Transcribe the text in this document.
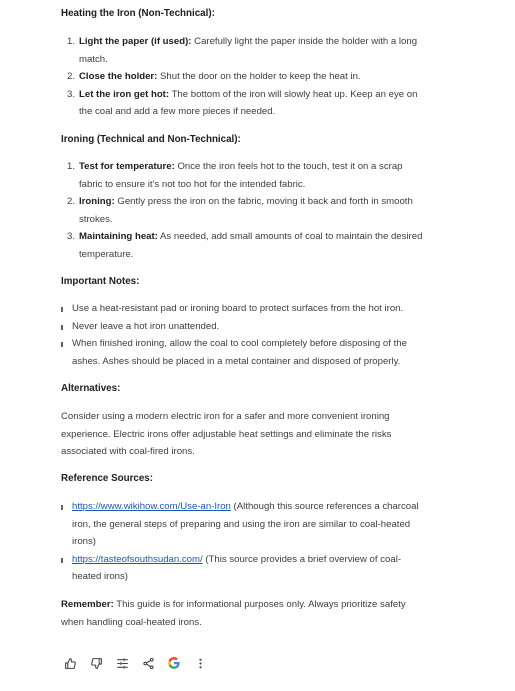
Heating the Iron (Non-Technical):

1. Light the paper (if used): Carefully light the paper inside the holder with a long
match.
2. Close the holder: Shut the door on the holder to keep the heat in.
3. Let the iron get hot: The bottom of the iron will slowly heat up. Keep an eye on
the coal and add a few more pieces if needed.

Ironing (Technical and Non-Technical):

1. Test for temperature: Once the iron feels hot to the touch, test it on a scrap
fabric to ensure it's not too hot for the intended fabric.
2. Ironing: Gently press the iron on the fabric, moving it back and forth in smooth
strokes.
3. Maintaining heat: As needed, add small amounts of coal to maintain the desired
temperature.

Important Notes:

Use a heat-resistant pad or ironing board to protect surfaces from the hot iron.
Never leave a hot iron unattended.
When finished ironing, allow the coal to cool completely before disposing of the
ashes. Ashes should be placed in a metal container and disposed of properly.

Alternatives:

Consider using a modern electric iron for a safer and more convenient ironing
experience. Electric irons offer adjustable heat settings and eliminate the risks
associated with coal-fired irons.

Reference Sources:

https://www.wikihow.com/Use-an-Iron (Although this source references a charcoal
iron, the general steps of preparing and using the iron are similar to coal-heated
irons)
https://tasteofsouthsudan.com/ (This source provides a brief overview of coal-
heated irons)
Remember: This guide is for informational purposes only. Always prioritize safety
when handling coal-heated irons.
